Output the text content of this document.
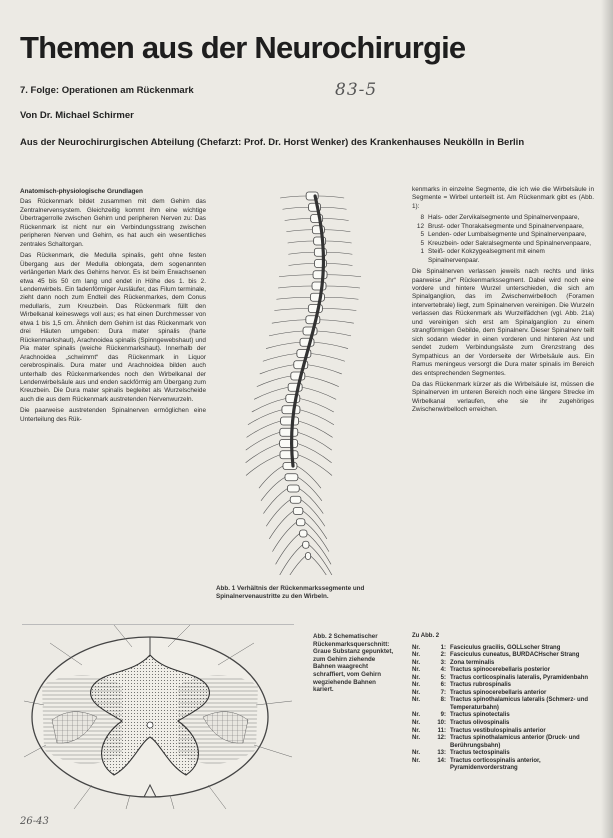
Themen aus der Neurochirurgie
7. Folge: Operationen am Rückenmark	83-5
Von Dr. Michael Schirmer
Aus der Neurochirurgischen Abteilung (Chefarzt: Prof. Dr. Horst Wenker) des Krankenhauses Neukölln in Berlin

Anatomisch-physiologische Grundlagen

Das Rückenmark bildet zusammen mit dem Gehirn das Zentralnervensystem. Gleichzeitig kommt ihm eine wichtige Übertragerrolle zwischen Gehirn und peripheren Nerven zu: Das Rückenmark ist nicht nur ein Verbindungsstrang zwischen peripheren Nerven und Gehirn, es hat auch ein wesentliches zentrales Schaltorgan.

Das Rückenmark, die Medulla spinalis, geht ohne festen Übergang aus der Medulla oblongata, dem sogenannten verlängerten Mark des Gehirns hervor. Es ist beim Erwachsenen etwa 45 bis 50 cm lang und endet in Höhe des 1. bis 2. Lendenwirbels. Ein fadenförmiger Ausläufer, das Filum terminale, zieht dann noch zum Endteil des Rückenmarkes, dem Conus medullaris, zum Kreuzbein. Das Rückenmark füllt den Wirbelkanal keineswegs voll aus; es hat einen Durchmesser von etwa 1 bis 1,5 cm. Ähnlich dem Gehirn ist das Rückenmark von drei Häuten umgeben: Dura mater spinalis (harte Rückenmarkshaut), Arachnoidea spinalis (Spinngewebshaut) und Pia mater spinalis (weiche Rückenmarkshaut). Innerhalb der Arachnoidea „schwimmt“ das Rückenmark in Liquor cerebrospinalis. Dura mater und Arachnoidea bilden auch unterhalb des Rückenmarkendes noch den Wirbelkanal der Lendenwirbelsäule aus und enden sackförmig am Übergang zum Kreuzbein. Die Dura mater spinalis begleitet als Wurzelscheide auch die aus dem Rückenmark austretenden Nervenwurzeln.

Die paarweise austretenden Spinalnerven ermöglichen eine Unterteilung des Rük-

Abb. 1 Verhältnis der Rückenmarkssegmente und Spinalnervenaustritte zu den Wirbeln.

kenmarks in einzelne Segmente, die ich wie die Wirbelsäule in Segmente = Wirbel unterteilt ist. Am Rückenmark gibt es (Abb. 1):

8 Hals- oder Zervikalsegmente und Spinalnervenpaare,
12 Brust- oder Thorakalsegmente und Spinalnervenpaare,
5 Lenden- oder Lumbalsegmente und Spinalnervenpaare,
5 Kreuzbein- oder Sakralsegmente und Spinalnervenpaare,
1 Steiß- oder Kokzygealsegment mit einem Spinalnervenpaar.

Die Spinalnerven verlassen jeweils nach rechts und links paarweise „ihr“ Rückenmarkssegment. Dabei wird noch eine vordere und hintere Wurzel unterschieden, die sich am Spinalganglion, das im Zwischenwirbelloch (Foramen intervertebrale) liegt, zum Spinalnerven vereinigen. Die Wurzeln verlassen das Rückenmark als Wurzelfädchen (vgl. Abb. 21a) und vereinigen sich erst am Spinalganglion zu einem strangförmigen Gebilde, dem Spinalnerv. Dieser Spinalnerv teilt sich sodann wieder in einen vorderen und hinteren Ast und sendet zudem Verbindungsäste zum Grenzstrang des Sympathicus an der Vorderseite der Wirbelsäule aus. Ein Ramus meningeus versorgt die Dura mater spinalis im Bereich des entsprechenden Segmentes.

Da das Rückenmark kürzer als die Wirbelsäule ist, müssen die Spinalnerven im unteren Bereich noch eine längere Strecke im Wirbelkanal verlaufen, ehe sie ihr zugehöriges Zwischenwirbelloch erreichen.

Abb. 2 Schematischer Rückenmarksquerschnitt: Graue Substanz gepunktet, zum Gehirn ziehende Bahnen waagrecht schraffiert, vom Gehirn wegziehende Bahnen kariert.
Zu Abb. 2
Nr.	1: Fasciculus gracilis, GOLLscher Strang
Nr.	2: Fasciculus cuneatus, BURDACHscher Strang
Nr.	3: Zona terminalis
Nr.	4: Tractus spinocerebellaris posterior
Nr.	5: Tractus corticospinalis lateralis, Pyramidenbahn
Nr.	6: Tractus rubrospinalis
Nr.	7: Tractus spinocerebellaris anterior
Nr.	8: Tractus spinothalamicus lateralis (Schmerz- und Temperaturbahn)
Nr.	9: Tractus spinotectalis
Nr.	10: Tractus olivospinalis
Nr.	11: Tractus vestibulospinalis anterior
Nr.	12: Tractus spinothalamicus anterior (Druck- und Berührungsbahn)
Nr.	13: Tractus tectospinalis
Nr.	14: Tractus corticospinalis anterior, Pyramidenvorderstrang
26-43
